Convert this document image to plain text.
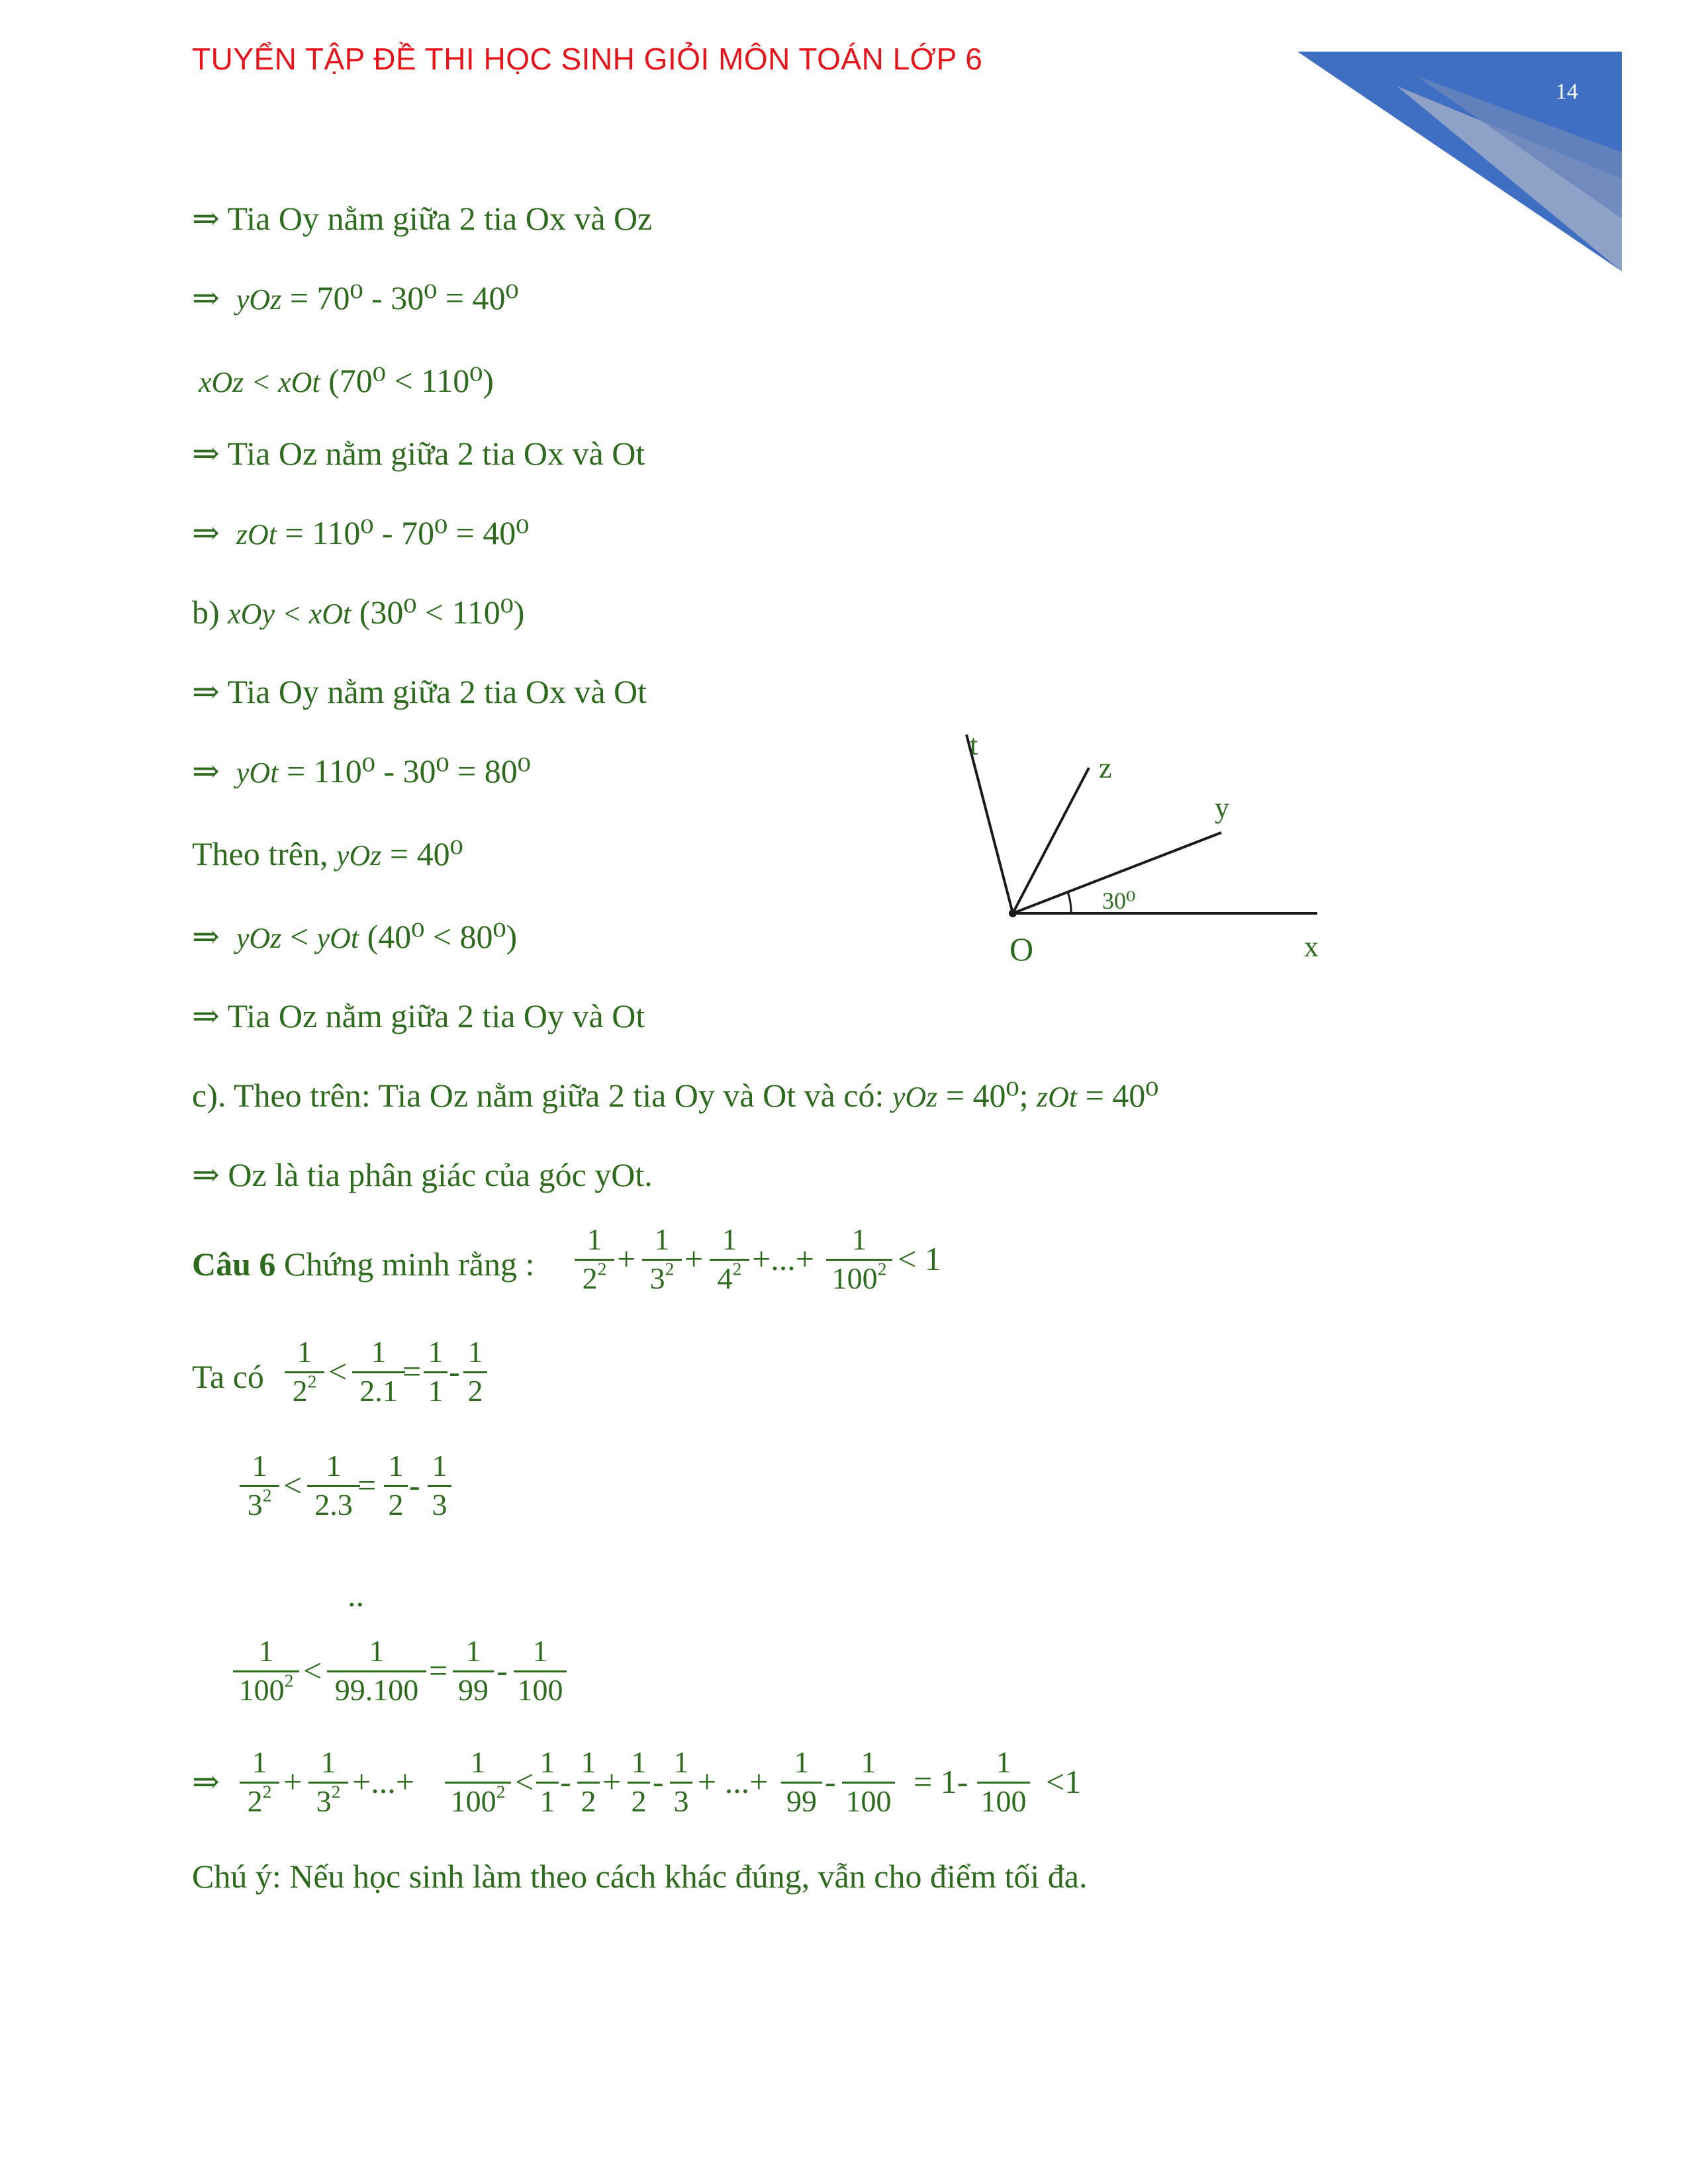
TUYỂN TẬP ĐỀ THI HỌC SINH GIỎI MÔN TOÁN LỚP 6
14
⇒ Tia Oy nằm giữa 2 tia Ox và Oz
⇒ yOz = 70⁰ - 30⁰ = 40⁰
xOz < xOt (70⁰ < 110⁰)
⇒ Tia Oz nằm giữa 2 tia Ox và Ot
⇒ zOt = 110⁰ - 70⁰ = 40⁰
b) xOy < xOt (30⁰ < 110⁰)
⇒ Tia Oy nằm giữa 2 tia Ox và Ot
⇒ yOt = 110⁰ - 30⁰ = 80⁰
Theo trên, yOz = 40⁰
⇒ yOz < yOt (40⁰ < 80⁰)
⇒ Tia Oz nằm giữa 2 tia Oy và Ot
c). Theo trên: Tia Oz nằm giữa 2 tia Oy và Ot và có: yOz = 40⁰; zOt = 40⁰
⇒ Oz là tia phân giác của góc yOt.
t
z
y
x
O
30⁰
Câu 6 Chứng minh rằng :
1
$2^2$ +
1
$3^2$ +
1
$4^2$ +...+
1
$100^2 < 1$
Ta có
1
$2^2$ <
1
2.1
=
1
1
-
1
2
1
$3^2$ <
1
2.3
=
1
2
-
1
3
..
1
$100^2$ <
1
99.100
=
1
99
-
1
100
⇒
1
$2^2$ +
1
$3^2$ +...+
1
$100^2$ <
1
1
-
1
2
+
1
2
-
1
3
+ ...+
1
99
-
1
100
= 1-
1
100
<1
Chú ý: Nếu học sinh làm theo cách khác đúng, vẫn cho điểm tối đa.
